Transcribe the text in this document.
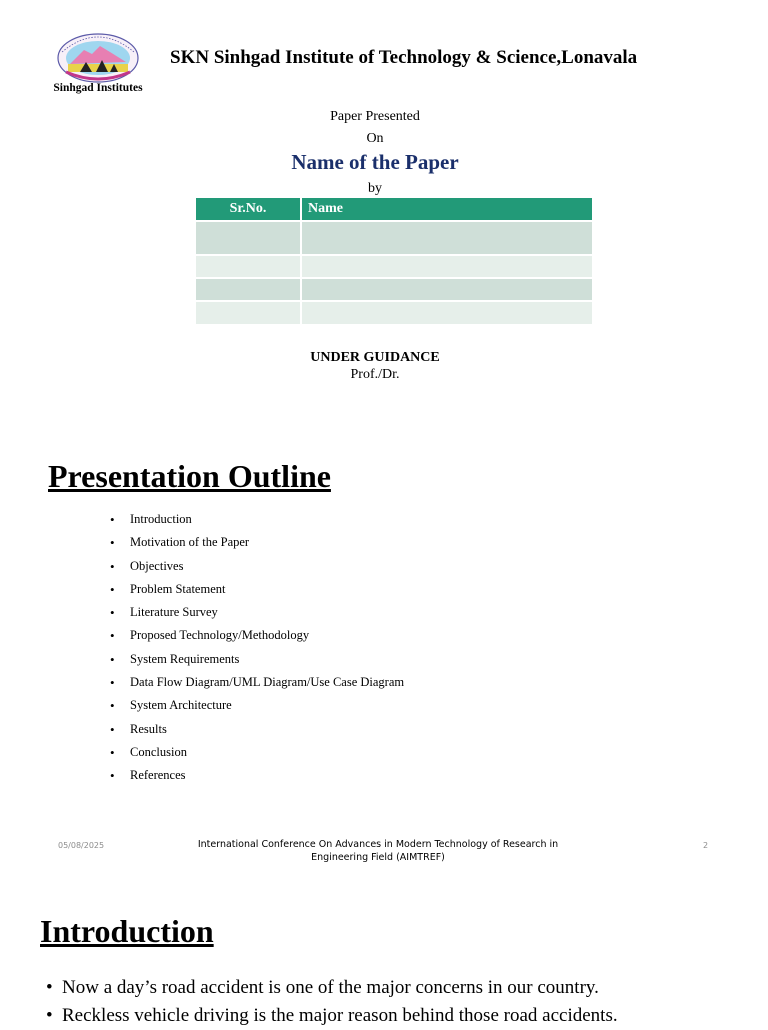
Sinhgad Institutes
SKN Sinhgad Institute of Technology & Science,Lonavala
Paper Presented
On
Name of the Paper
by
Sr.No.	Name

UNDER GUIDANCE
Prof./Dr.
Presentation Outline
• Introduction
• Motivation of the Paper
• Objectives
• Problem Statement
• Literature Survey
• Proposed Technology/Methodology
• System Requirements
• Data Flow Diagram/UML Diagram/Use Case Diagram
• System Architecture
• Results
• Conclusion
• References
05/08/2025	International Conference On Advances in Modern Technology of Research in Engineering Field (AIMTREF)
2
Introduction
• Now a day’s road accident is one of the major concerns in our country.
• Reckless vehicle driving is the major reason behind those road accidents.
